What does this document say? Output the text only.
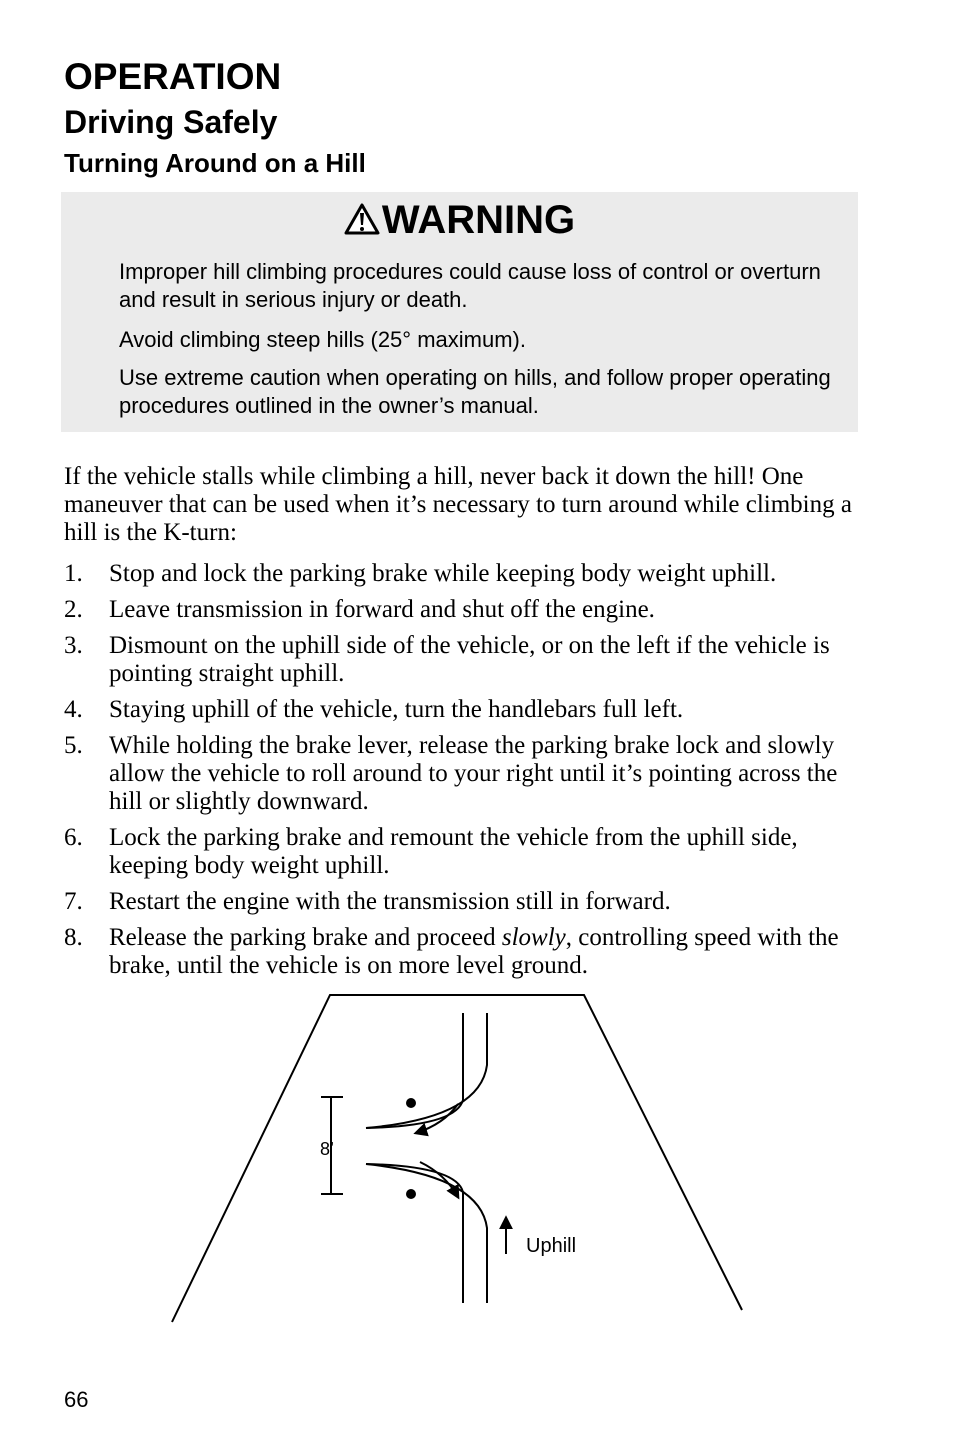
OPERATION
Driving Safely
Turning Around on a Hill
WARNING

Improper hill climbing procedures could cause loss of control or overturn and result in serious injury or death.

Avoid climbing steep hills (25° maximum).

Use extreme caution when operating on hills, and follow proper operating procedures outlined in the owner’s manual.

If the vehicle stalls while climbing a hill, never back it down the hill! One maneuver that can be used when it’s necessary to turn around while climbing a hill is the K-turn:

1. Stop and lock the parking brake while keeping body weight uphill.
2. Leave transmission in forward and shut off the engine.
3. Dismount on the uphill side of the vehicle, or on the left if the vehicle is pointing straight uphill.
4. Staying uphill of the vehicle, turn the handlebars full left.
5. While holding the brake lever, release the parking brake lock and slowly allow the vehicle to roll around to your right until it’s pointing across the hill or slightly downward.
6. Lock the parking brake and remount the vehicle from the uphill side, keeping body weight uphill.
7. Restart the engine with the transmission still in forward.
8. Release the parking brake and proceed slowly, controlling speed with the brake, until the vehicle is on more level ground.
8’
Uphill
66
